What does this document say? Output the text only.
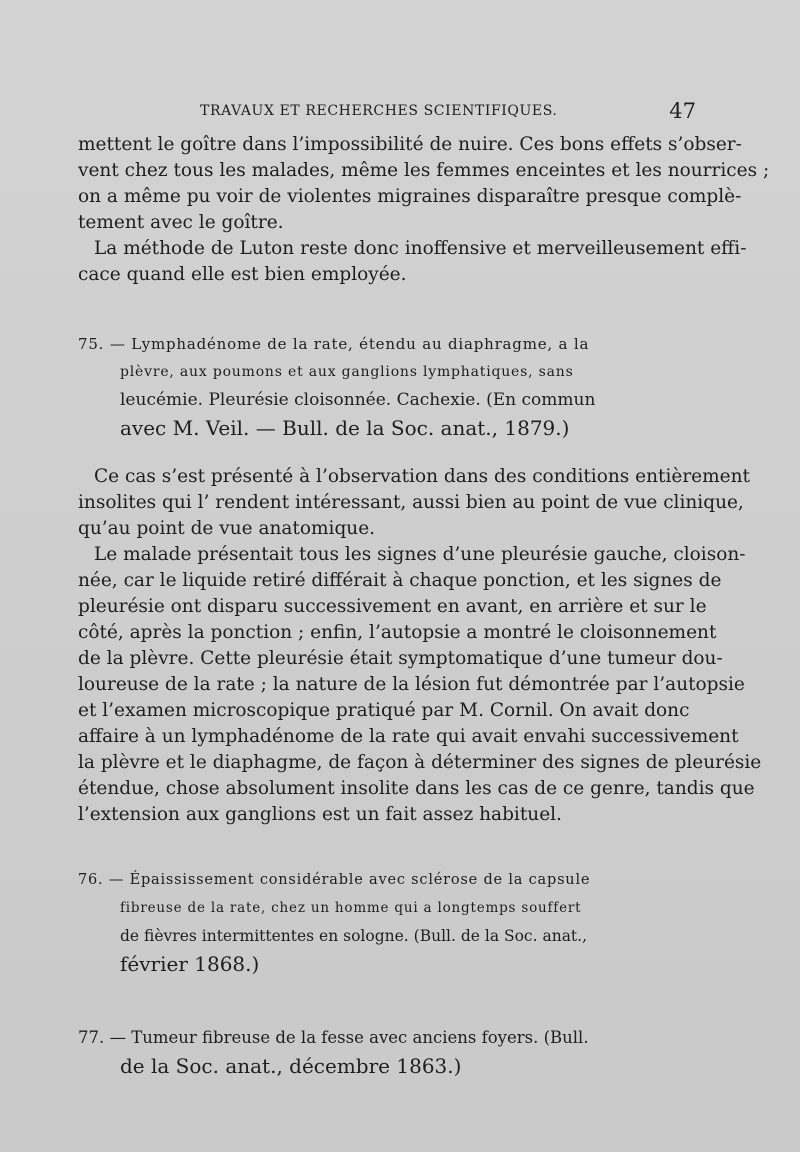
TRAVAUX ET RECHERCHES SCIENTIFIQUES.	47
mettent le goître dans l’impossibilité de nuire. Ces bons effets s’obser-
vent chez tous les malades, même les femmes enceintes et les nourrices ;
on a même pu voir de violentes migraines disparaître presque complè-
tement avec le goître.
La méthode de Luton reste donc inoffensive et merveilleusement effi-
cace quand elle est bien employée.
75. — Lymphadénome de la rate, étendu au diaphragme, a la
plèvre, aux poumons et aux ganglions lymphatiques, sans
leucémie. Pleurésie cloisonnée. Cachexie. (En commun
avec M. Veil. — Bull. de la Soc. anat., 1879.)
Ce cas s’est présenté à l’observation dans des conditions entièrement
insolites qui l’ rendent intéressant, aussi bien au point de vue clinique,
qu’au point de vue anatomique.
Le malade présentait tous les signes d’une pleurésie gauche, cloison-
née, car le liquide retiré différait à chaque ponction, et les signes de
pleurésie ont disparu successivement en avant, en arrière et sur le
côté, après la ponction ; enfin, l’autopsie a montré le cloisonnement
de la plèvre. Cette pleurésie était symptomatique d’une tumeur dou-
loureuse de la rate ; la nature de la lésion fut démontrée par l’autopsie
et l’examen microscopique pratiqué par M. Cornil. On avait donc
affaire à un lymphadénome de la rate qui avait envahi successivement
la plèvre et le diaphagme, de façon à déterminer des signes de pleurésie
étendue, chose absolument insolite dans les cas de ce genre, tandis que
l’extension aux ganglions est un fait assez habituel.
76. — Épaississement considérable avec sclérose de la capsule
fibreuse de la rate, chez un homme qui a longtemps souffert
de fièvres intermittentes en sologne. (Bull. de la Soc. anat.,
février 1868.)
77. — Tumeur fibreuse de la fesse avec anciens foyers. (Bull.
de la Soc. anat., décembre 1863.)
